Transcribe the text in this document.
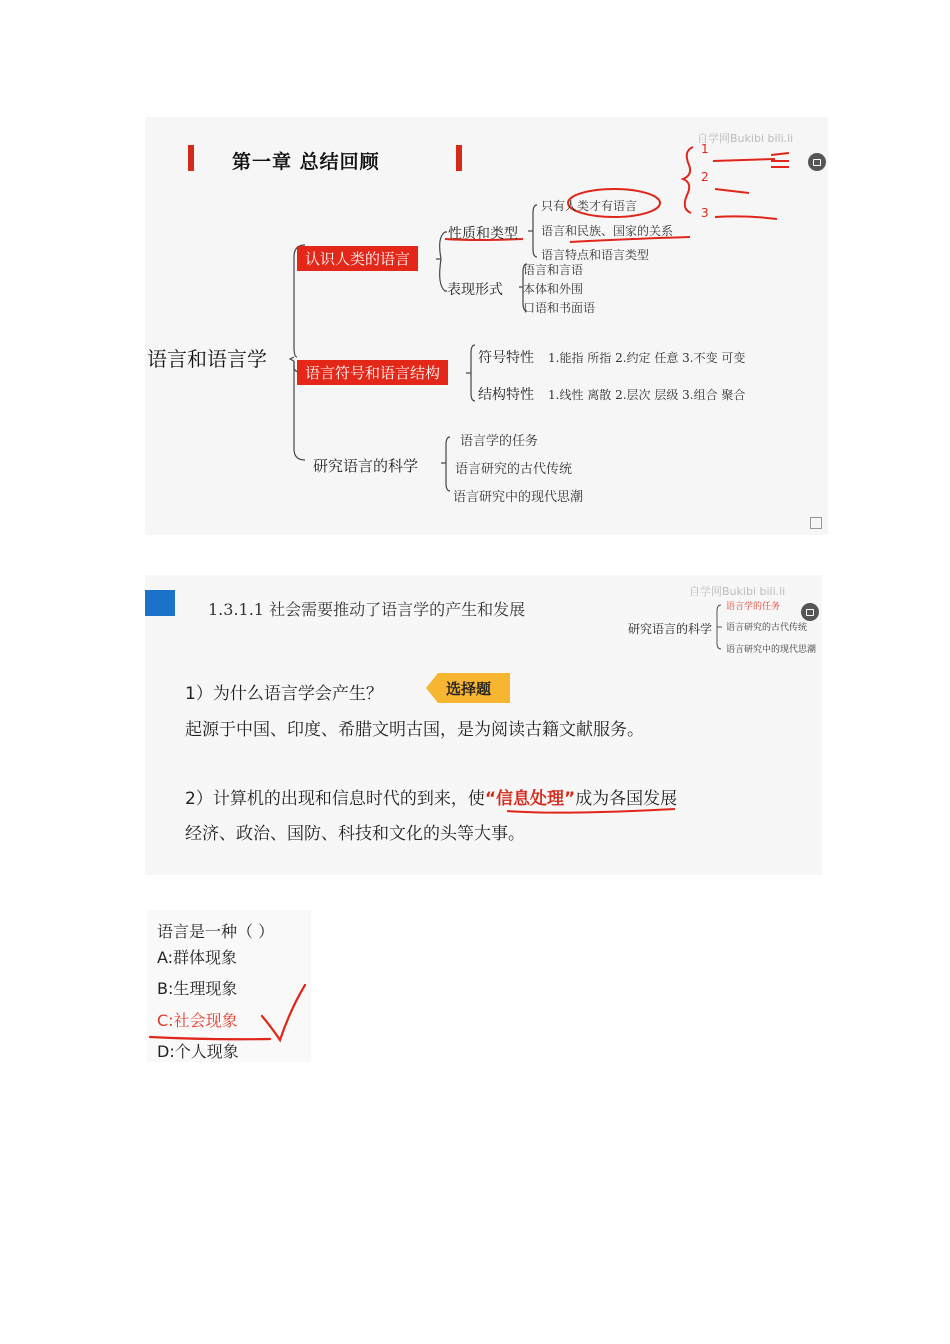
第一章 总结回顾
自学网Bukibi bili.li
1
2
3
语言和语言学
认识人类的语言
性质和类型
只有人类才有语言
语言和民族、国家的关系
语言特点和语言类型
表现形式
语言和言语
本体和外围
口语和书面语
语言符号和语言结构
符号特性 1.能指 所指 2.约定 任意 3.不变 可变
结构特性 1.线性 离散 2.层次 层级 3.组合 聚合
研究语言的科学
语言学的任务
语言研究的古代传统
语言研究中的现代思潮
1.3.1.1 社会需要推动了语言学的产生和发展
自学网Bukibi bili.li
研究语言的科学
语言学的任务
语言研究的古代传统
语言研究中的现代思潮
1）为什么语言学会产生？	选择题
起源于中国、印度、希腊文明古国，是为阅读古籍文献服务。
2）计算机的出现和信息时代的到来，使“信息处理”成为各国发展
经济、政治、国防、科技和文化的头等大事。
语言是一种（ ）
A:群体现象
B:生理现象
C:社会现象
D:个人现象
